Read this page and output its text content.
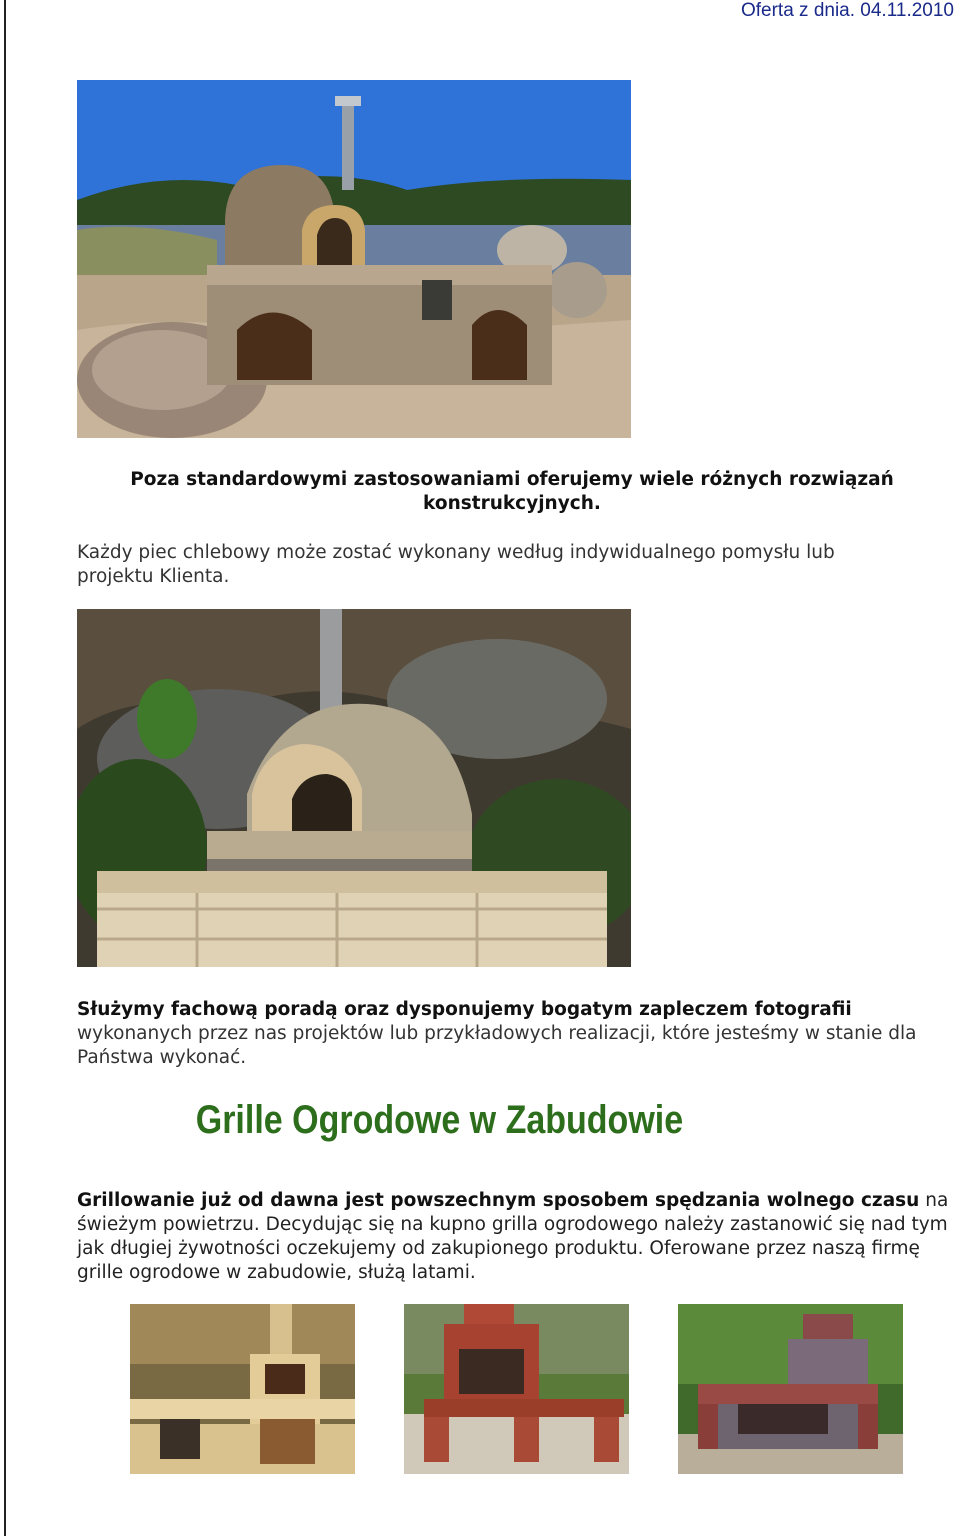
Oferta z dnia. 04.11.2010
Poza standardowymi zastosowaniami oferujemy wiele różnych rozwiązań konstrukcyjnych.
Każdy piec chlebowy może zostać wykonany według indywidualnego pomysłu lub projektu Klienta.
Służymy fachową poradą oraz dysponujemy bogatym zapleczem fotografii
wykonanych przez nas projektów lub przykładowych realizacji, które jesteśmy w stanie dla Państwa wykonać.
Grille Ogrodowe w Zabudowie
Grillowanie już od dawna jest powszechnym sposobem spędzania wolnego czasu na świeżym powietrzu. Decydując się na kupno grilla ogrodowego należy zastanowić się nad tym jak długiej żywotności oczekujemy od zakupionego produktu. Oferowane przez naszą firmę grille ogrodowe w zabudowie, służą latami.
